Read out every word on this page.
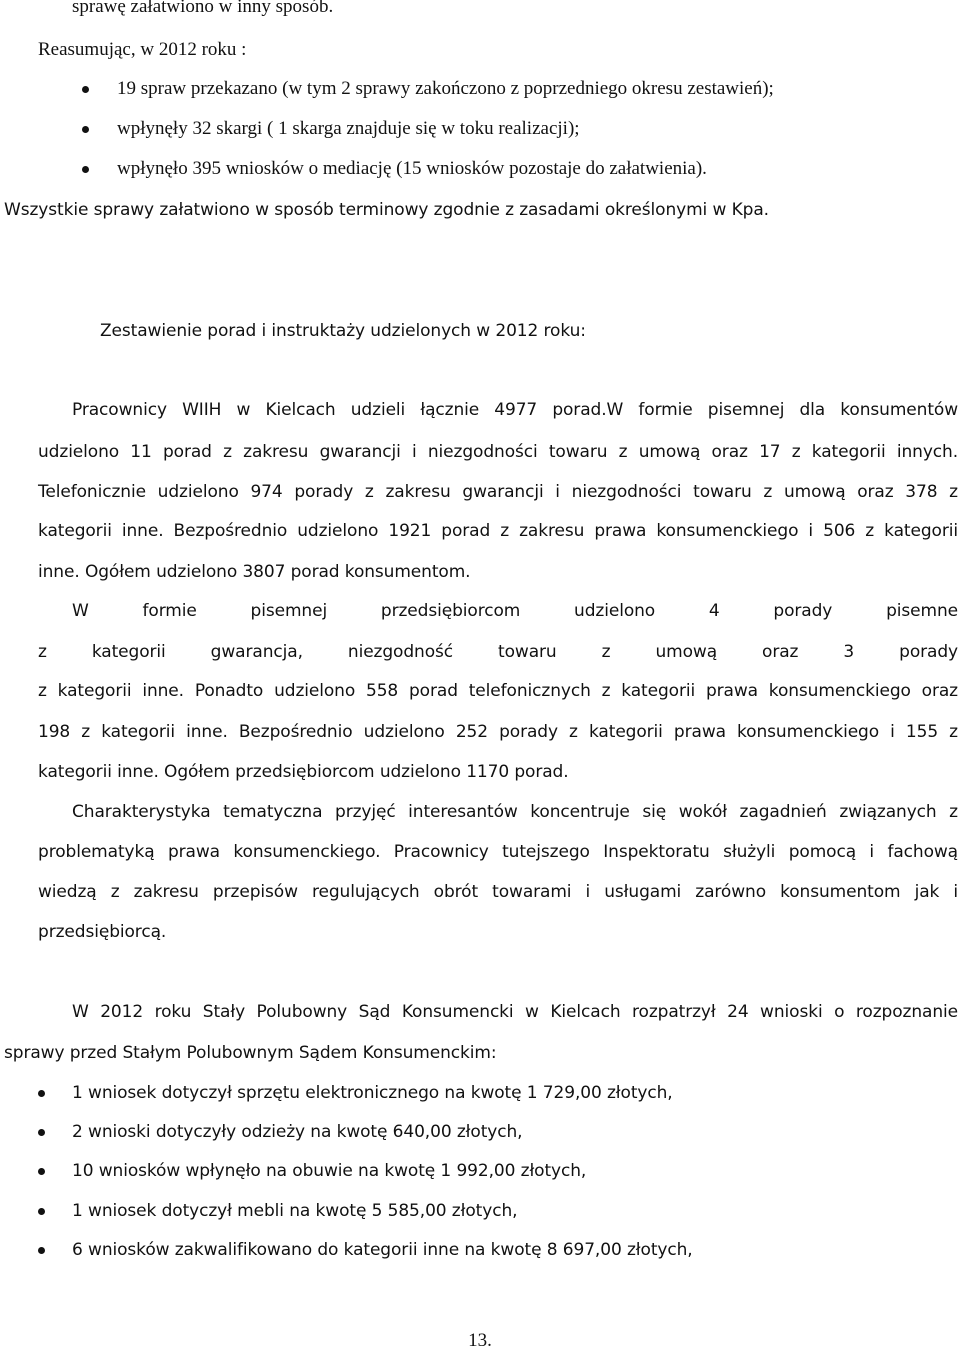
sprawę załatwiono w inny sposób.

Reasumując, w 2012 roku :

19 spraw przekazano (w tym 2 sprawy zakończono z poprzedniego okresu zestawień);

wpłynęły 32 skargi ( 1 skarga znajduje się w toku realizacji);

wpłynęło 395 wniosków o mediację (15 wniosków pozostaje do załatwienia).

Wszystkie sprawy załatwiono w sposób terminowy zgodnie z zasadami określonymi w Kpa.

Zestawienie porad i instruktaży udzielonych w 2012 roku:

Pracownicy WIIH w Kielcach udzieli łącznie 4977 porad.W formie pisemnej dla konsumentów

udzielono 11 porad z zakresu gwarancji i niezgodności towaru z umową oraz 17 z kategorii innych.

Telefonicznie udzielono 974 porady z zakresu gwarancji i niezgodności towaru z umową oraz 378 z

kategorii inne. Bezpośrednio udzielono 1921 porad z zakresu prawa konsumenckiego i 506 z kategorii

inne. Ogółem udzielono 3807 porad konsumentom.

W formie pisemnej przedsiębiorcom udzielono 4 porady pisemne

z kategorii gwarancja, niezgodność towaru z umową oraz 3 porady

z kategorii inne. Ponadto udzielono 558 porad telefonicznych z kategorii prawa konsumenckiego oraz

198 z kategorii inne. Bezpośrednio udzielono 252 porady z kategorii prawa konsumenckiego i 155 z

kategorii inne. Ogółem przedsiębiorcom udzielono 1170 porad.

Charakterystyka tematyczna przyjęć interesantów koncentruje się wokół zagadnień związanych z

problematyką prawa konsumenckiego. Pracownicy tutejszego Inspektoratu służyli pomocą i fachową

wiedzą z zakresu przepisów regulujących obrót towarami i usługami zarówno konsumentom jak i

przedsiębiorcą.

W 2012 roku Stały Polubowny Sąd Konsumencki w Kielcach rozpatrzył 24 wnioski o rozpoznanie

sprawy przed Stałym Polubownym Sądem Konsumenckim:

1 wniosek dotyczył sprzętu elektronicznego na kwotę 1 729,00 złotych,

2 wnioski dotyczyły odzieży na kwotę 640,00 złotych,

10 wniosków wpłynęło na obuwie na kwotę 1 992,00 złotych,

1 wniosek dotyczył mebli na kwotę 5 585,00 złotych,

6 wniosków zakwalifikowano do kategorii inne na kwotę 8 697,00 złotych,

13.
